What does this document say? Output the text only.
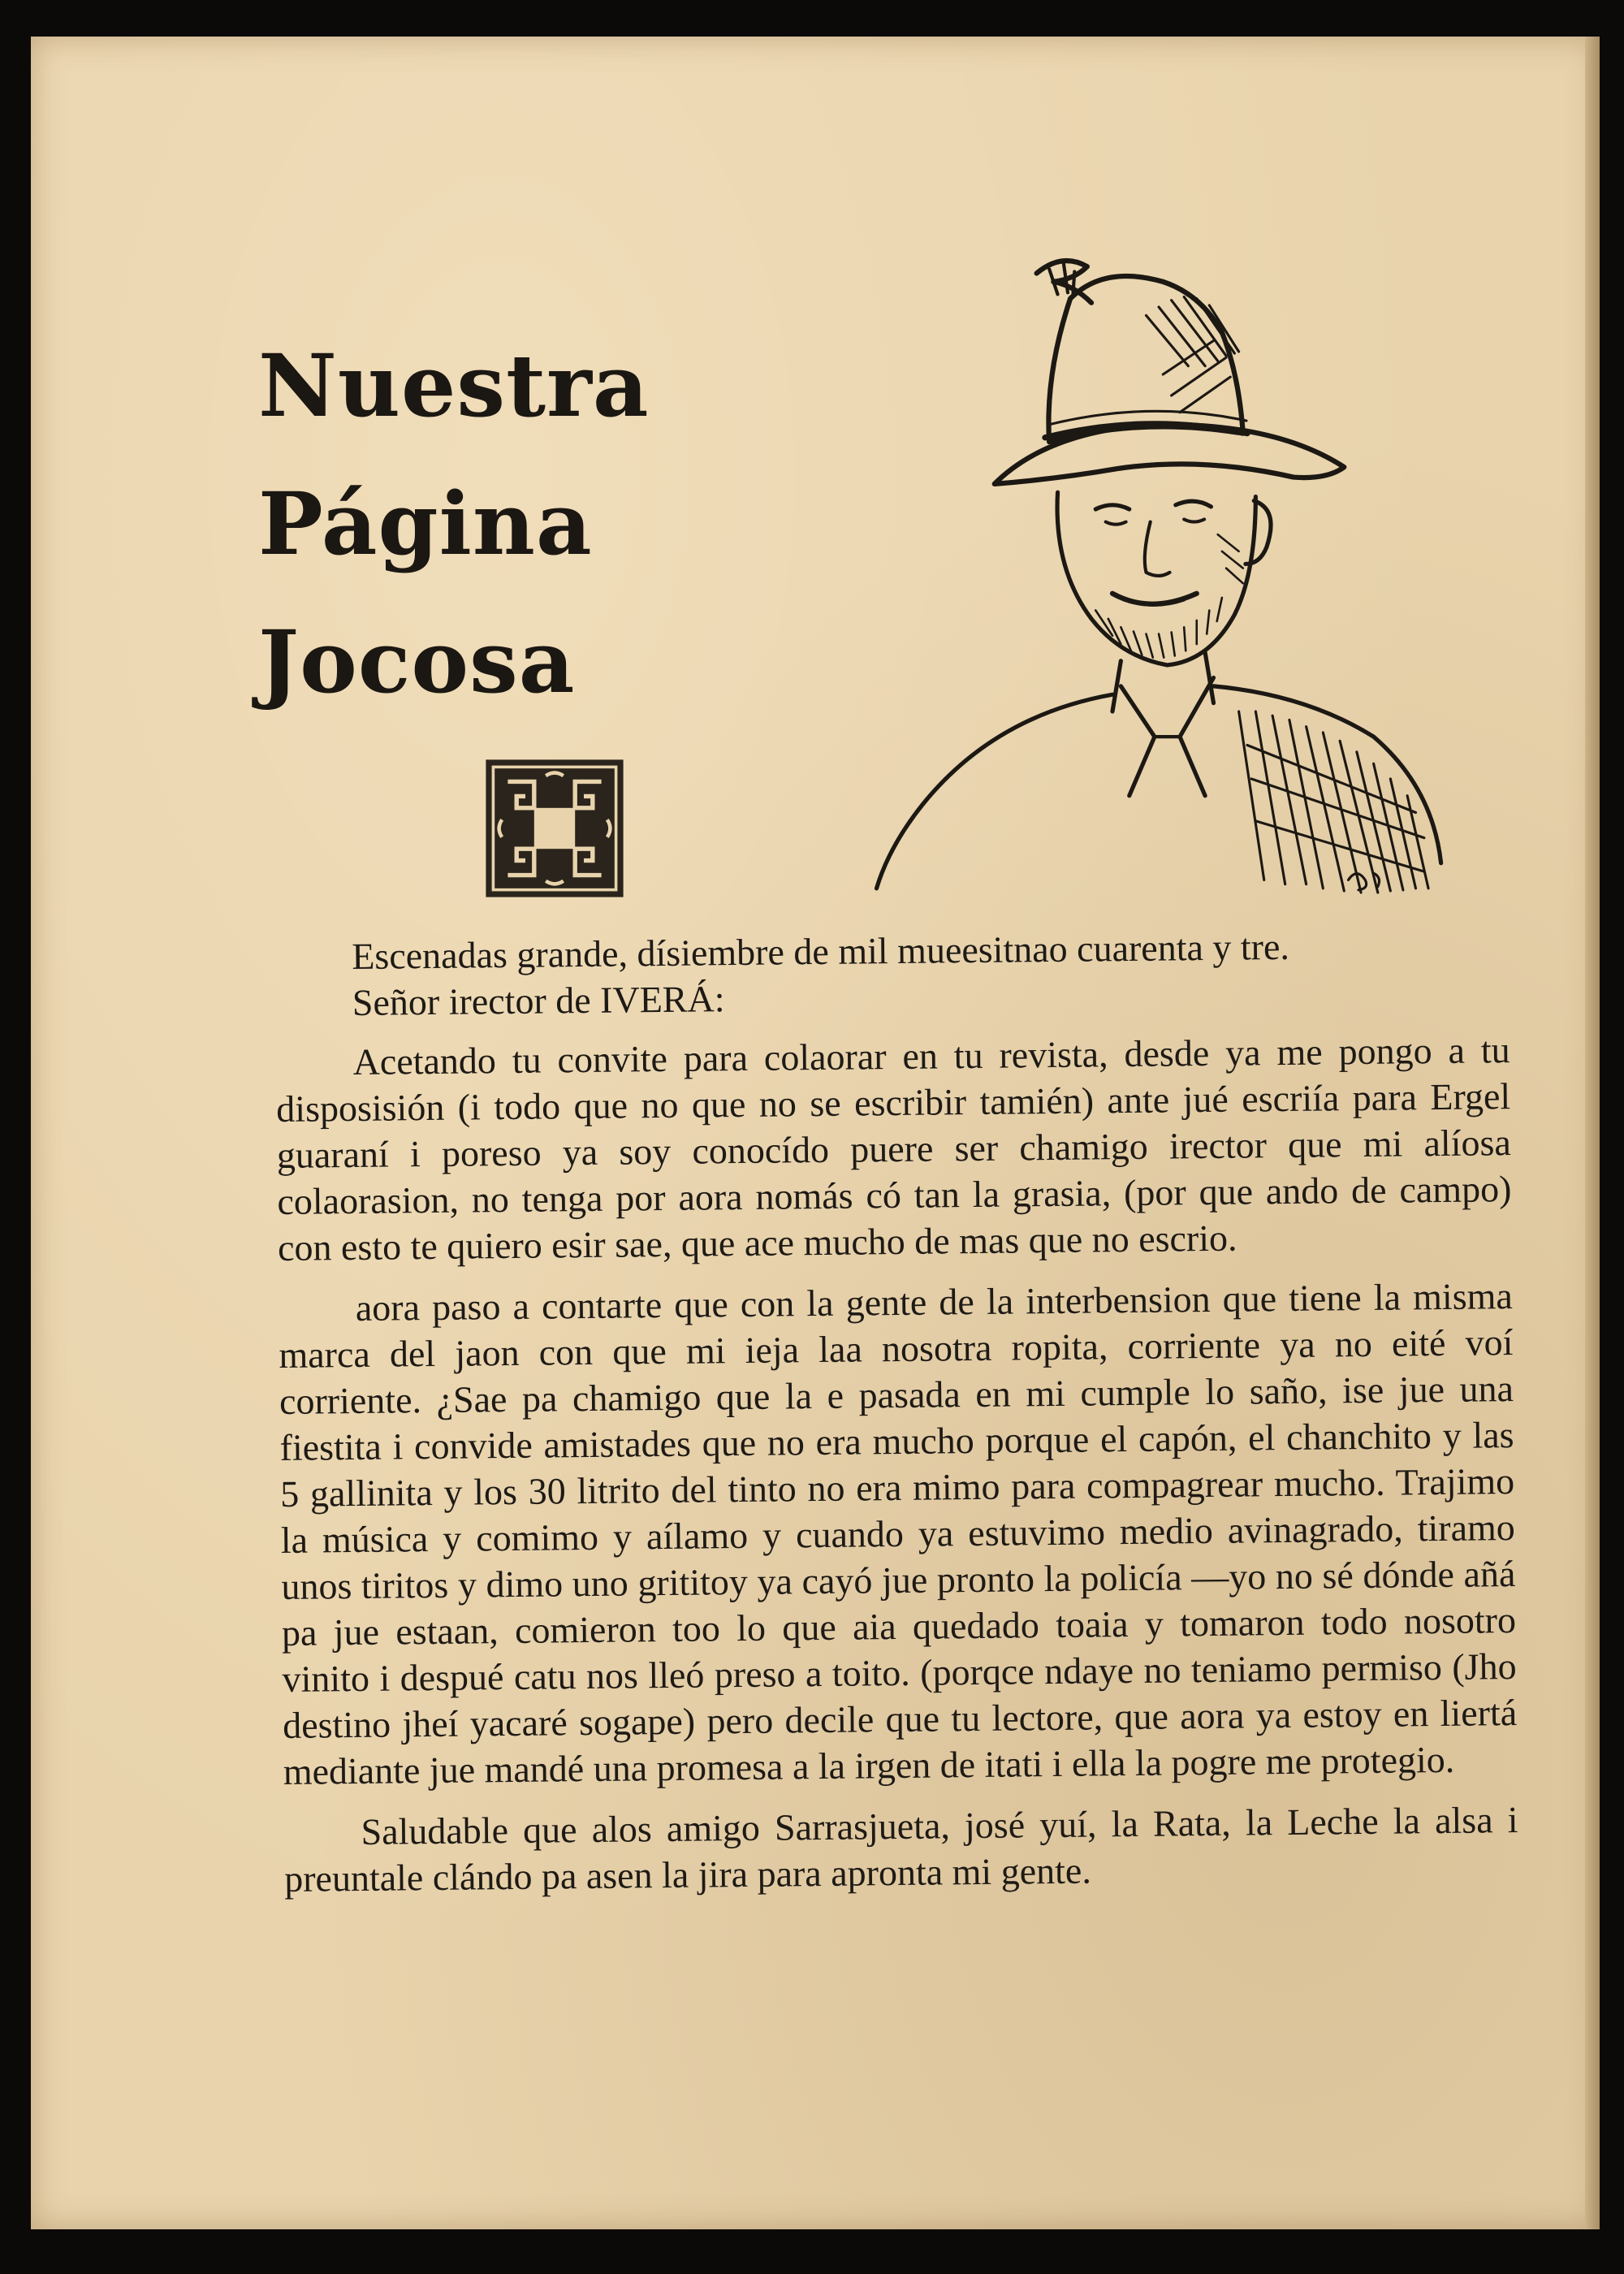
Nuestra
Página
Jocosa

Escenadas grande, dísiembre de mil mueesitnao cuarenta y tre.

Señor irector de IVERÁ:

Acetando tu convite para colaorar en tu revista, desde ya me pongo a tu disposisión (i todo que no que no se escribir tamién) ante jué escriía para Ergel guaraní i poreso ya soy conocído puere ser chamigo irector que mi alíosa colaorasion, no tenga por aora nomás có tan la grasia, (por que ando de campo) con esto te quiero esir sae, que ace mucho de mas que no escrio.

aora paso a contarte que con la gente de la interbension que tiene la misma marca del jaon con que mi ieja laa nosotra ropita, corriente ya no eité voí corriente. ¿Sae pa chamigo que la e pasada en mi cumple lo saño, ise jue una fiestita i convide amistades que no era mucho porque el capón, el chanchito y las 5 gallinita y los 30 litrito del tinto no era mimo para compagrear mucho. Trajimo la música y comimo y aílamo y cuando ya estuvimo medio avinagrado, tiramo unos tiritos y dimo uno grititoy ya cayó jue pronto la policía —yo no sé dónde añá pa jue estaan, comieron too lo que aia quedado toaia y tomaron todo nosotro vinito i despué catu nos lleó preso a toito. (porqce ndaye no teniamo permiso (Jho destino jheí yacaré sogape) pero decile que tu lectore, que aora ya estoy en liertá mediante jue mandé una promesa a la irgen de itati i ella la pogre me protegio.

Saludable que alos amigo Sarrasjueta, josé yuí, la Rata, la Leche la alsa i preuntale clándo pa asen la jira para apronta mi gente.
